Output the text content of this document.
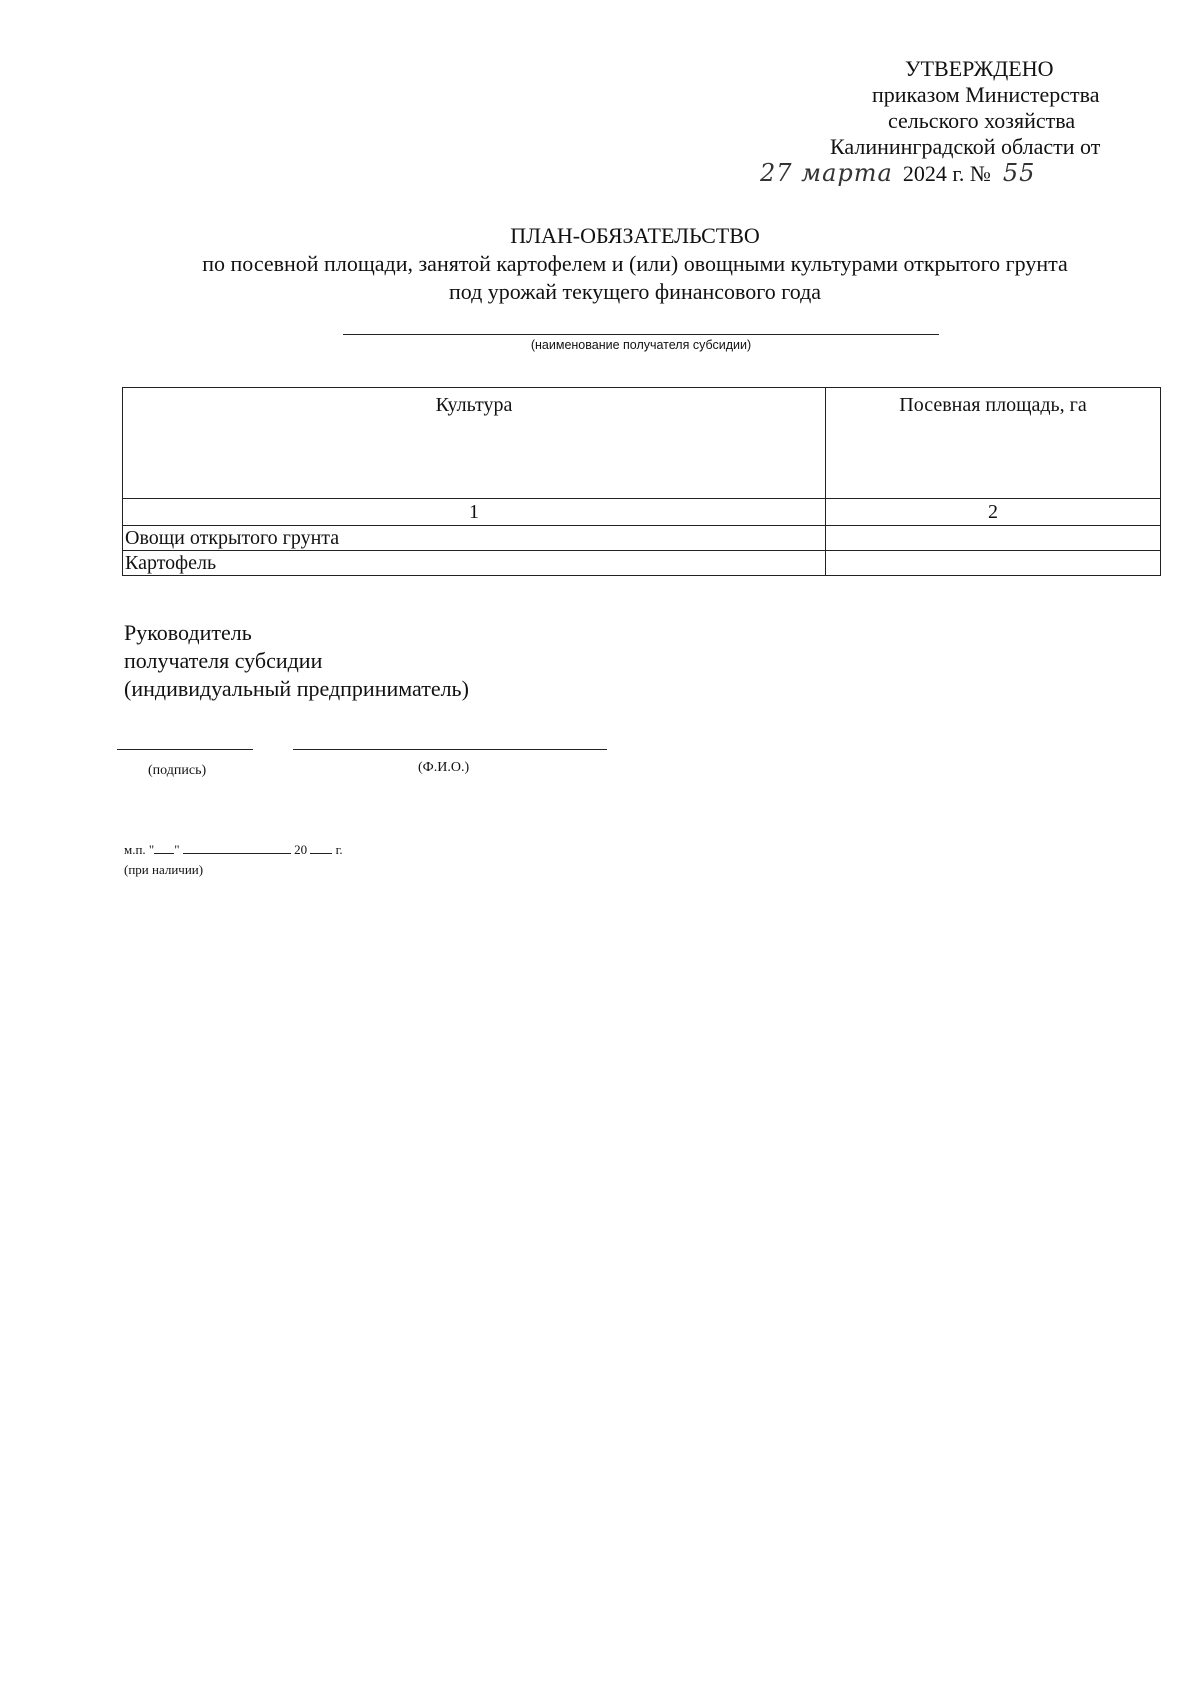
УТВЕРЖДЕНО
приказом Министерства
сельского хозяйства
Калининградской области от
27 марта 2024 г. № 55
ПЛАН-ОБЯЗАТЕЛЬСТВО
по посевной площади, занятой картофелем и (или) овощными культурами открытого грунта
под урожай текущего финансового года
(наименование получателя субсидии)
Культура	Посевная площадь, га
1	2
Овощи открытого грунта	
Картофель	
Руководитель
получателя субсидии
(индивидуальный предприниматель)
(подпись)	(Ф.И.О.)
м.п. " "	20 г.
(при наличии)
